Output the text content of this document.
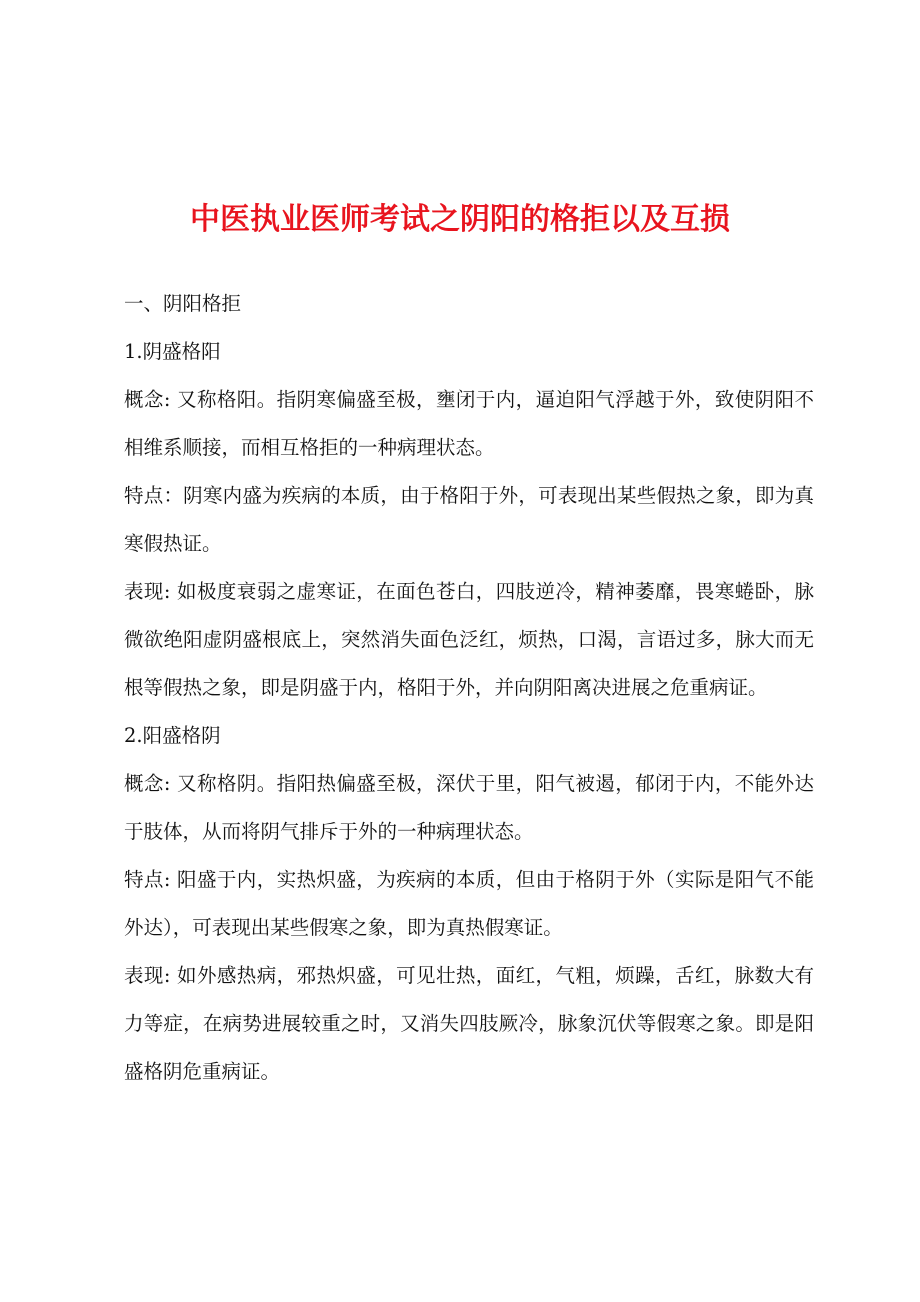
中医执业医师考试之阴阳的格拒以及互损

一、阴阳格拒

1.阴盛格阳

概念: 又称格阳。指阴寒偏盛至极，壅闭于内，逼迫阳气浮越于外，致使阴阳不相维系顺接，而相互格拒的一种病理状态。

特点：阴寒内盛为疾病的本质，由于格阳于外，可表现出某些假热之象，即为真寒假热证。

表现: 如极度衰弱之虚寒证，在面色苍白，四肢逆冷，精神萎靡，畏寒蜷卧，脉微欲绝阳虚阴盛根底上，突然消失面色泛红，烦热，口渴，言语过多，脉大而无根等假热之象，即是阴盛于内，格阳于外，并向阴阳离决进展之危重病证。

2.阳盛格阴

概念: 又称格阴。指阳热偏盛至极，深伏于里，阳气被遏，郁闭于内，不能外达于肢体，从而将阴气排斥于外的一种病理状态。

特点: 阳盛于内，实热炽盛，为疾病的本质，但由于格阴于外（实际是阳气不能外达），可表现出某些假寒之象，即为真热假寒证。

表现: 如外感热病，邪热炽盛，可见壮热，面红，气粗，烦躁，舌红，脉数大有力等症，在病势进展较重之时，又消失四肢厥冷，脉象沉伏等假寒之象。即是阳盛格阴危重病证。
